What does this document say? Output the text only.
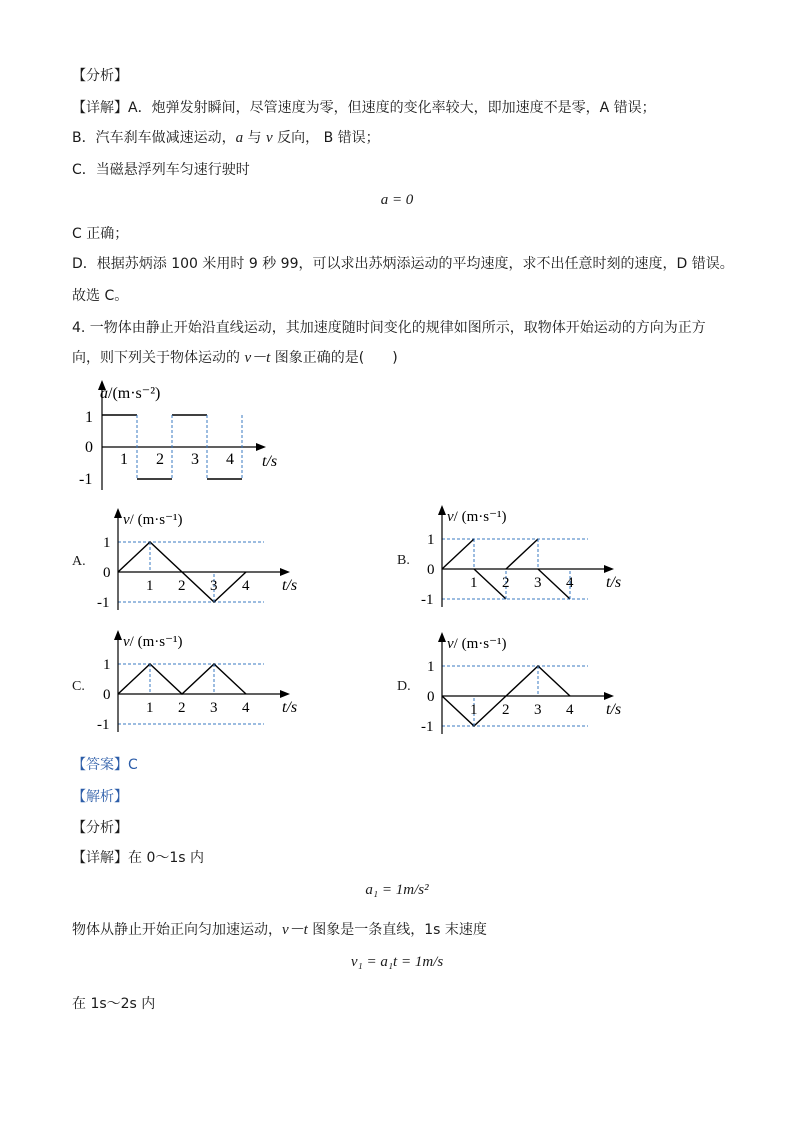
【分析】
【详解】A．炮弹发射瞬间，尽管速度为零，但速度的变化率较大，即加速度不是零，A 错误；
B．汽车刹车做减速运动，a 与 v 反向， B 错误；
C．当磁悬浮列车匀速行驶时
a = 0
C 正确；
D．根据苏炳添 100 米用时 9 秒 99，可以求出苏炳添运动的平均速度，求不出任意时刻的速度，D 错误。
故选 C。
4. 一物体由静止开始沿直线运动，其加速度随时间变化的规律如图所示，取物体开始运动的方向为正方
向，则下列关于物体运动的 v－t 图象正确的是(　　)
a/(m·s⁻²)
t/s
1
0
-1
1 2 3 4
A.
v/ (m·s⁻¹)
t/s
1
0
-1
1 2 3 4
B.
v/ (m·s⁻¹)
t/s
1
0
-1
1 2 3 4
C.
v/ (m·s⁻¹)
t/s
1
0
-1
1 2 3 4
D.
v/ (m·s⁻¹)
t/s
1
0
-1
1 2 3 4
【答案】C
【解析】
【分析】
【详解】在 0～1s 内
a₁ = 1m/s²
物体从静止开始正向匀加速运动，v－t 图象是一条直线，1s 末速度
v₁ = a₁t = 1m/s
在 1s～2s 内
